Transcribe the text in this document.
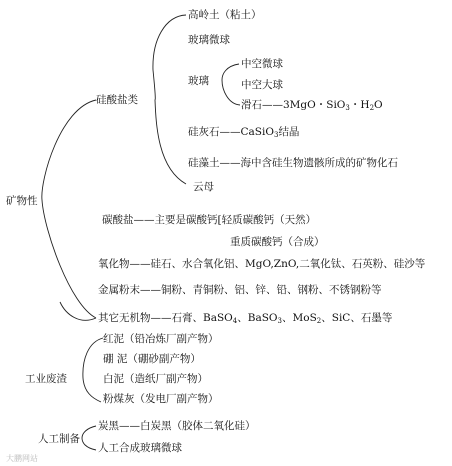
矿物性
硅酸盐类
高岭土（粘土）
玻璃微球
玻璃
中空微球
中空大球
滑石——3MgO・SiO$_3$・$H_2O$
硅灰石——CaSiO$_3$结晶
硅藻土——海中含硅生物遗骸所成的矿物化石
云母
碳酸盐——主要是碳酸钙[轻质碳酸钙（天然）
重质碳酸钙（合成）
氧化物——硅石、水合氧化铝、MgO,ZnO,二氧化钛、石英粉、硅沙等
金属粉末——铜粉、青铜粉、铝、锌、铅、钢粉、不锈钢粉等
其它无机物——石膏、BaSO$_4$、BaSO$_3$、MoS$_2$、SiC、石墨等
工业废渣
红泥（铅冶炼厂副产物）
硼 泥（硼砂副产物）
白泥（造纸厂副产物）
粉煤灰（发电厂副产物）
人工制备
炭黑——白炭黑（胶体二氧化硅）
人工合成玻璃微球
大鹏网站
